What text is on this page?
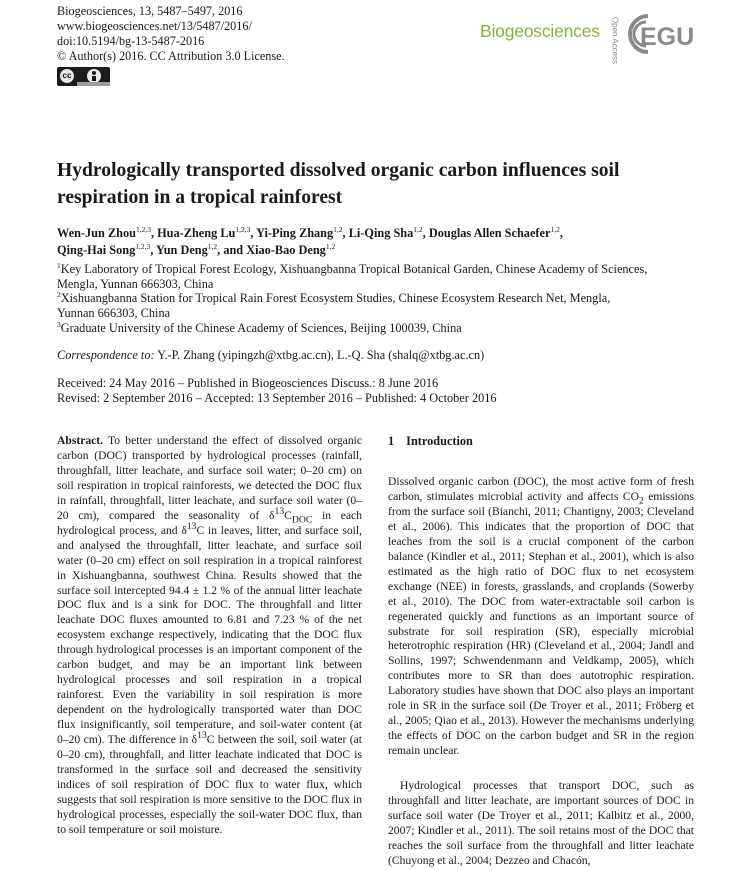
Biogeosciences, 13, 5487–5497, 2016
www.biogeosciences.net/13/5487/2016/
doi:10.5194/bg-13-5487-2016
© Author(s) 2016. CC Attribution 3.0 License.
cc
Biogeosciences Open Access EGU
Hydrologically transported dissolved organic carbon influences soil
respiration in a tropical rainforest
Wen-Jun Zhou$^{1,2,3}$, Hua-Zheng Lu$^{1,2,3}$, Yi-Ping Zhang$^{1,2}$, Li-Qing Sha$^{1,2}$, Douglas Allen Schaefer$^{1,2}$,
Qing-Hai Song$^{1,2,3}$, Yun Deng$^{1,2}$, and Xiao-Bao Deng$^{1,2}$
$^1$Key Laboratory of Tropical Forest Ecology, Xishuangbanna Tropical Botanical Garden, Chinese Academy of Sciences,
Mengla, Yunnan 666303, China
$^2$Xishuangbanna Station for Tropical Rain Forest Ecosystem Studies, Chinese Ecosystem Research Net, Mengla,
Yunnan 666303, China
$^3$Graduate University of the Chinese Academy of Sciences, Beijing 100039, China
Correspondence to: Y.-P. Zhang (yipingzh@xtbg.ac.cn), L.-Q. Sha (shalq@xtbg.ac.cn)
Received: 24 May 2016 – Published in Biogeosciences Discuss.: 8 June 2016
Revised: 2 September 2016 – Accepted: 13 September 2016 – Published: 4 October 2016
Abstract. To better understand the effect of dissolved organic carbon (DOC) transported by hydrological processes (rainfall, throughfall, litter leachate, and surface soil water; 0–20 cm) on soil respiration in tropical rainforests, we detected the DOC flux in rainfall, throughfall, litter leachate, and surface soil water (0–20 cm), compared the seasonality of $\delta^{13}C_{DOC}$ in each hydrological process, and $\delta^{13}C$ in leaves, litter, and surface soil, and analysed the throughfall, litter leachate, and surface soil water (0–20 cm) effect on soil respiration in a tropical rainforest in Xishuangbanna, southwest China. Results showed that the surface soil intercepted 94.4 ± 1.2 % of the annual litter leachate DOC flux and is a sink for DOC. The throughfall and litter leachate DOC fluxes amounted to 6.81 and 7.23 % of the net ecosystem exchange respectively, indicating that the DOC flux through hydrological processes is an important component of the carbon budget, and may be an important link between hydrological processes and soil respiration in a tropical rainforest. Even the variability in soil respiration is more dependent on the hydrologically transported water than DOC flux insignificantly, soil temperature, and soil-water content (at 0–20 cm). The difference in $\delta^{13}C$ between the soil, soil water (at 0–20 cm), throughfall, and litter leachate indicated that DOC is transformed in the surface soil and decreased the sensitivity indices of soil respiration of DOC flux to water flux, which suggests that soil respiration is more sensitive to the DOC flux in hydrological processes, especially the soil-water DOC flux, than to soil temperature or soil moisture.
1 Introduction
Dissolved organic carbon (DOC), the most active form of fresh carbon, stimulates microbial activity and affects $CO_2$ emissions from the surface soil (Bianchi, 2011; Chantigny, 2003; Cleveland et al., 2006). This indicates that the proportion of DOC that leaches from the soil is a crucial component of the carbon balance (Kindler et al., 2011; Stephan et al., 2001), which is also estimated as the high ratio of DOC flux to net ecosystem exchange (NEE) in forests, grasslands, and croplands (Sowerby et al., 2010). The DOC from water-extractable soil carbon is regenerated quickly and functions as an important source of substrate for soil respiration (SR), especially microbial heterotrophic respiration (HR) (Cleveland et al., 2004; Jandl and Sollins, 1997; Schwendenmann and Veldkamp, 2005), which contributes more to SR than does autotrophic respiration. Laboratory studies have shown that DOC also plays an important role in SR in the surface soil (De Troyer et al., 2011; Fröberg et al., 2005; Qiao et al., 2013). However the mechanisms underlying the effects of DOC on the carbon budget and SR in the region remain unclear.
Hydrological processes that transport DOC, such as throughfall and litter leachate, are important sources of DOC in surface soil water (De Troyer et al., 2011; Kalbitz et al., 2000, 2007; Kindler et al., 2011). The soil retains most of the DOC that reaches the soil surface from the throughfall and litter leachate (Chuyong et al., 2004; Dezzeo and Chacón,
